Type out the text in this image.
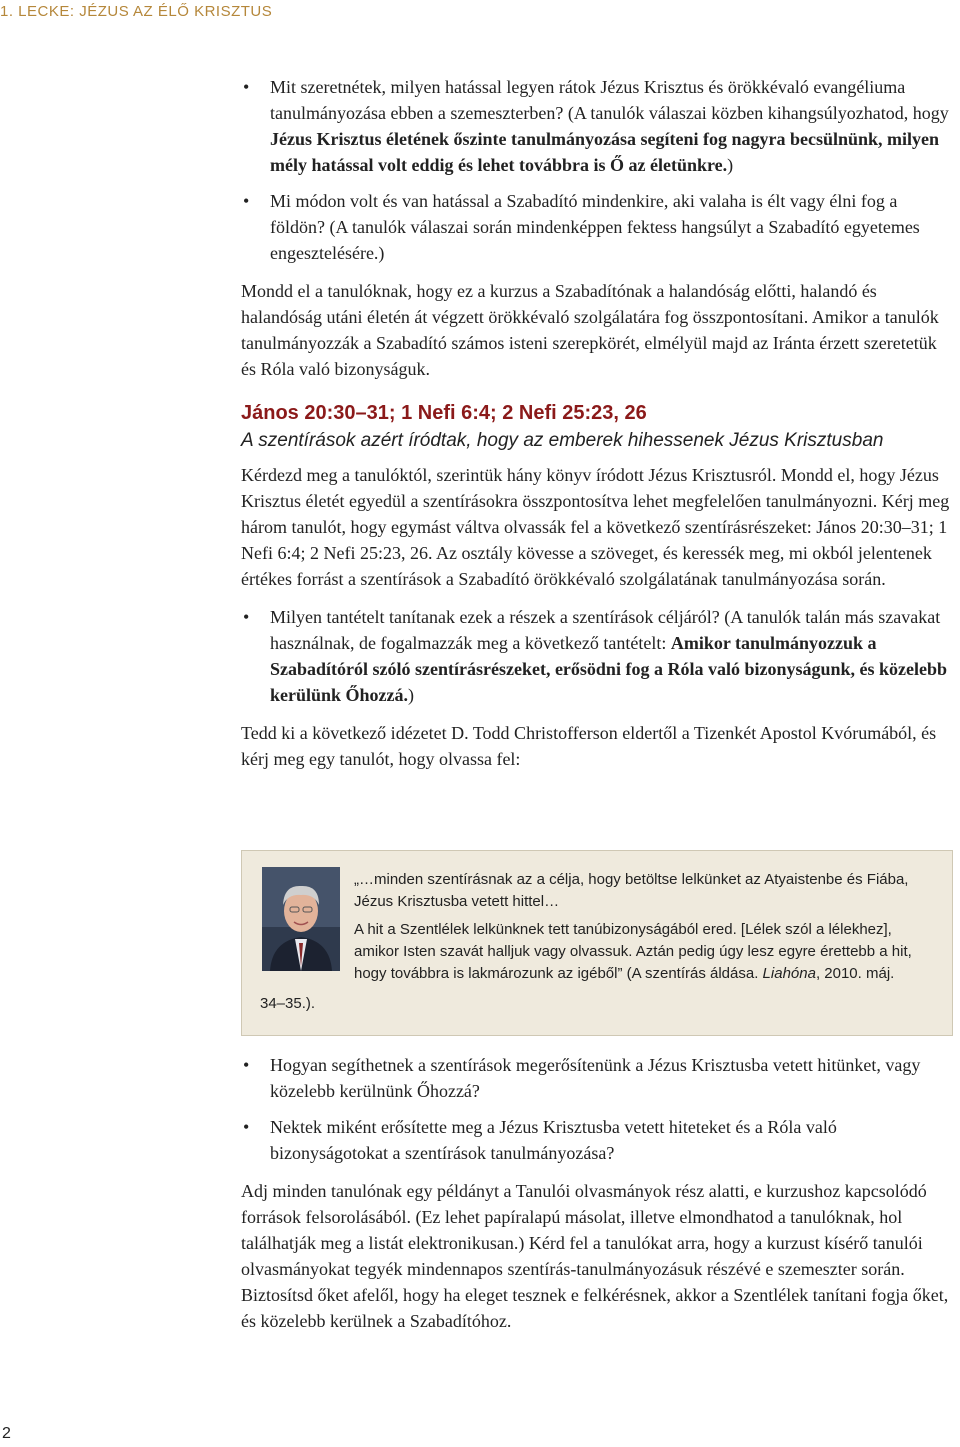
1. LECKE: JÉZUS AZ ÉLŐ KRISZTUS
• Mit szeretnétek, milyen hatással legyen rátok Jézus Krisztus és örökkévaló evangéliuma tanulmányozása ebben a szemeszterben? (A tanulók válaszai közben kihangsúlyozhatod, hogy Jézus Krisztus életének őszinte tanulmányozása segíteni fog nagyra becsülnünk, milyen mély hatással volt eddig és lehet továbbra is Ő az életünkre.)
• Mi módon volt és van hatással a Szabadító mindenkire, aki valaha is élt vagy élni fog a földön? (A tanulók válaszai során mindenképpen fektess hangsúlyt a Szabadító egyetemes engesztelésére.)

Mondd el a tanulóknak, hogy ez a kurzus a Szabadítónak a halandóság előtti, halandó és halandóság utáni életén át végzett örökkévaló szolgálatára fog összpontosítani. Amikor a tanulók tanulmányozzák a Szabadító számos isteni szerepkörét, elmélyül majd az Iránta érzett szeretetük és Róla való bizonyságuk.

János 20:30–31; 1 Nefi 6:4; 2 Nefi 25:23, 26
A szentírások azért íródtak, hogy az emberek hihessenek Jézus Krisztusban

Kérdezd meg a tanulóktól, szerintük hány könyv íródott Jézus Krisztusról. Mondd el, hogy Jézus Krisztus életét egyedül a szentírásokra összpontosítva lehet megfelelően tanulmányozni. Kérj meg három tanulót, hogy egymást váltva olvassák fel a következő szentírásrészeket: János 20:30–31; 1 Nefi 6:4; 2 Nefi 25:23, 26. Az osztály kövesse a szöveget, és keressék meg, mi okból jelentenek értékes forrást a szentírások a Szabadító örökkévaló szolgálatának tanulmányozása során.

• Milyen tantételt tanítanak ezek a részek a szentírások céljáról? (A tanulók talán más szavakat használnak, de fogalmazzák meg a következő tantételt: Amikor tanulmányozzuk a Szabadítóról szóló szentírásrészeket, erősödni fog a Róla való bizonyságunk, és közelebb kerülünk Őhozzá.)

Tedd ki a következő idézetet D. Todd Christofferson eldertől a Tizenkét Apostol Kvórumából, és kérj meg egy tanulót, hogy olvassa fel:

„…minden szentírásnak az a célja, hogy betöltse lelkünket az Atyaistenbe és Fiába, Jézus Krisztusba vetett hittel…

A hit a Szentlélek lelkünknek tett tanúbizonyságából ered. [Lélek szól a lélekhez], amikor Isten szavát halljuk vagy olvassuk. Aztán pedig úgy lesz egyre érettebb a hit, hogy továbbra is lakmározunk az igéből” (A szentírás áldása. Liahóna, 2010. máj.

34–35.).
• Hogyan segíthetnek a szentírások megerősítenünk a Jézus Krisztusba vetett hitünket, vagy közelebb kerülnünk Őhozzá?
• Nektek miként erősítette meg a Jézus Krisztusba vetett hiteteket és a Róla való bizonyságotokat a szentírások tanulmányozása?

Adj minden tanulónak egy példányt a Tanulói olvasmányok rész alatti, e kurzushoz kapcsolódó források felsorolásából. (Ez lehet papíralapú másolat, illetve elmondhatod a tanulóknak, hol találhatják meg a listát elektronikusan.) Kérd fel a tanulókat arra, hogy a kurzust kísérő tanulói olvasmányokat tegyék mindennapos szentírás-tanulmányozásuk részévé e szemeszter során. Biztosítsd őket afelől, hogy ha eleget tesznek e felkérésnek, akkor a Szentlélek tanítani fogja őket, és közelebb kerülnek a Szabadítóhoz.

2
